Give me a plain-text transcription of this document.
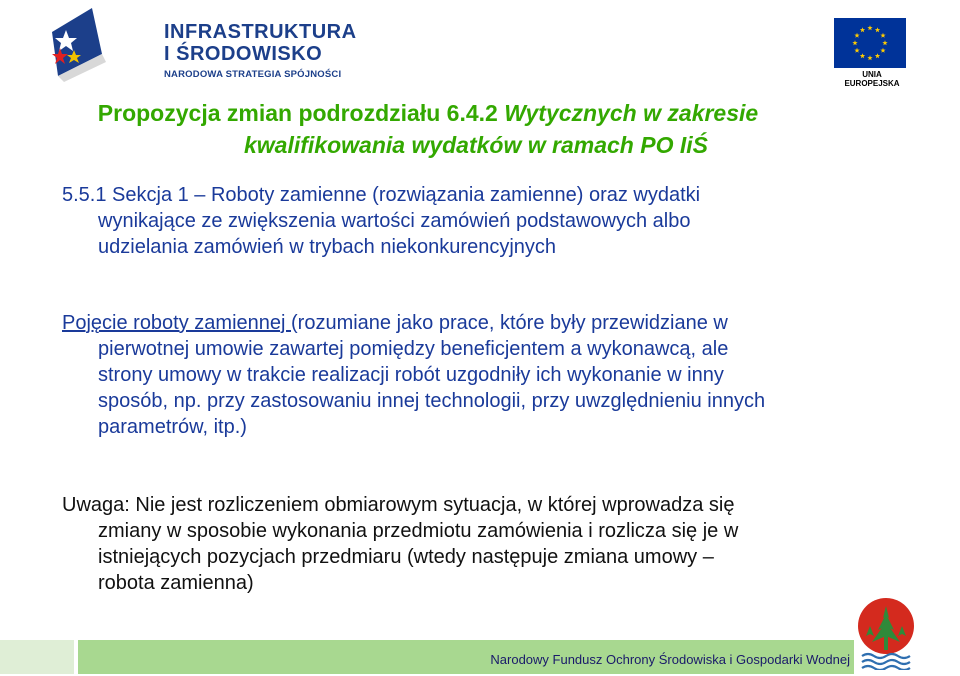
INFRASTRUKTURA
I ŚRODOWISKO
NARODOWA STRATEGIA SPÓJNOŚCI	UNIA EUROPEJSKA
Propozycja zmian podrozdziału 6.4.2 Wytycznych w zakresie
kwalifikowania wydatków w ramach PO IiŚ
5.5.1 Sekcja 1 – Roboty zamienne (rozwiązania zamienne) oraz wydatki
wynikające ze zwiększenia wartości zamówień podstawowych albo
udzielania zamówień w trybach niekonkurencyjnych
Pojęcie roboty zamiennej (rozumiane jako prace, które były przewidziane w
pierwotnej umowie zawartej pomiędzy beneficjentem a wykonawcą, ale
strony umowy w trakcie realizacji robót uzgodniły ich wykonanie w inny
sposób, np. przy zastosowaniu innej technologii, przy uwzględnieniu innych
parametrów, itp.)
Uwaga: Nie jest rozliczeniem obmiarowym sytuacja, w której wprowadza się
zmiany w sposobie wykonania przedmiotu zamówienia i rozlicza się je w
istniejących pozycjach przedmiaru (wtedy następuje zmiana umowy –
robota zamienna)
Narodowy Fundusz Ochrony Środowiska i Gospodarki Wodnej
